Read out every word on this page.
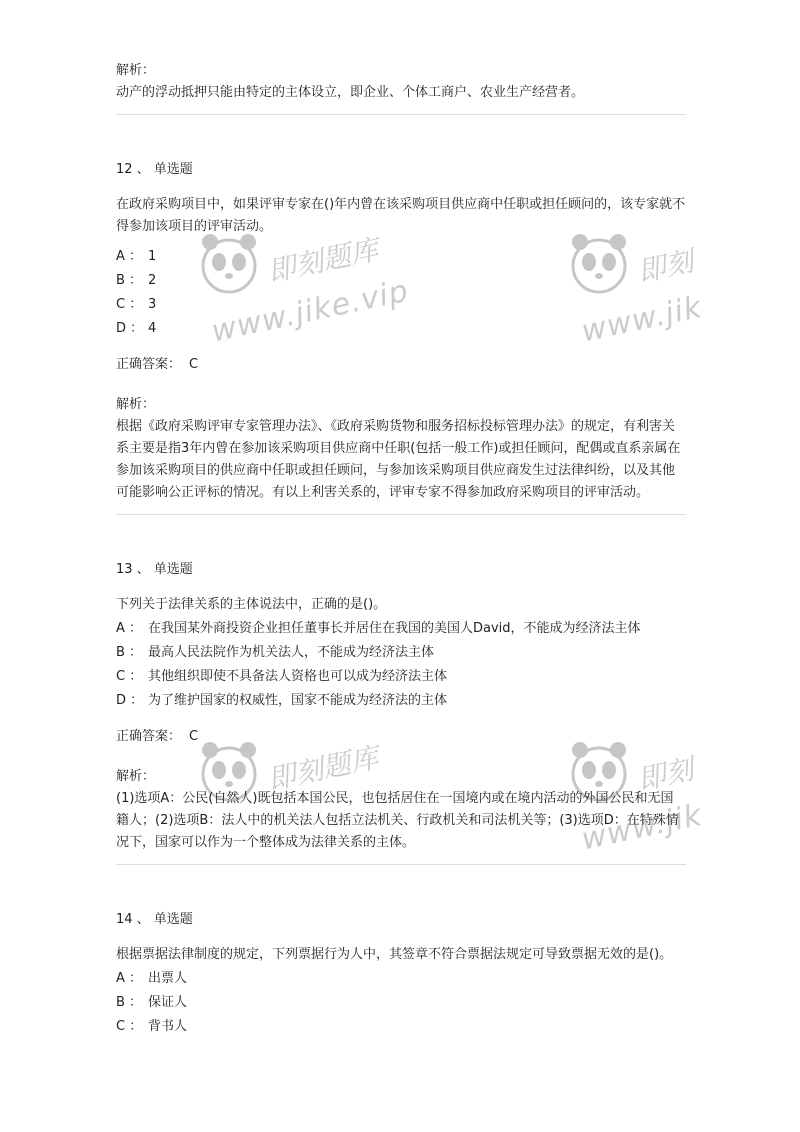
解析：

动产的浮动抵押只能由特定的主体设立，即企业、个体工商户、农业生产经营者。

12 、 单选题

在政府采购项目中，如果评审专家在()年内曾在该采购项目供应商中任职或担任顾问的，该专家就不得参加该项目的评审活动。

A ： 1
B ： 2
C ： 3
D ： 4

正确答案： C

解析：

根据《政府采购评审专家管理办法》、《政府采购货物和服务招标投标管理办法》的规定，有利害关系主要是指3年内曾在参加该采购项目供应商中任职(包括一般工作)或担任顾问，配偶或直系亲属在参加该采购项目的供应商中任职或担任顾问，与参加该采购项目供应商发生过法律纠纷，以及其他可能影响公正评标的情况。有以上利害关系的，评审专家不得参加政府采购项目的评审活动。

13 、 单选题

下列关于法律关系的主体说法中，正确的是()。

A ： 在我国某外商投资企业担任董事长并居住在我国的美国人David，不能成为经济法主体
B ： 最高人民法院作为机关法人，不能成为经济法主体
C ： 其他组织即使不具备法人资格也可以成为经济法主体
D ： 为了维护国家的权威性，国家不能成为经济法的主体

正确答案： C

解析：

(1)选项A：公民(自然人)既包括本国公民，也包括居住在一国境内或在境内活动的外国公民和无国籍人；(2)选项B：法人中的机关法人包括立法机关、行政机关和司法机关等；(3)选项D：在特殊情况下，国家可以作为一个整体成为法律关系的主体。

14 、 单选题

根据票据法律制度的规定，下列票据行为人中，其签章不符合票据法规定可导致票据无效的是()。

A ： 出票人
B ： 保证人
C ： 背书人
即刻题库
www.jike.vip
即刻
www.jik
即刻题库	即刻
www.jik
